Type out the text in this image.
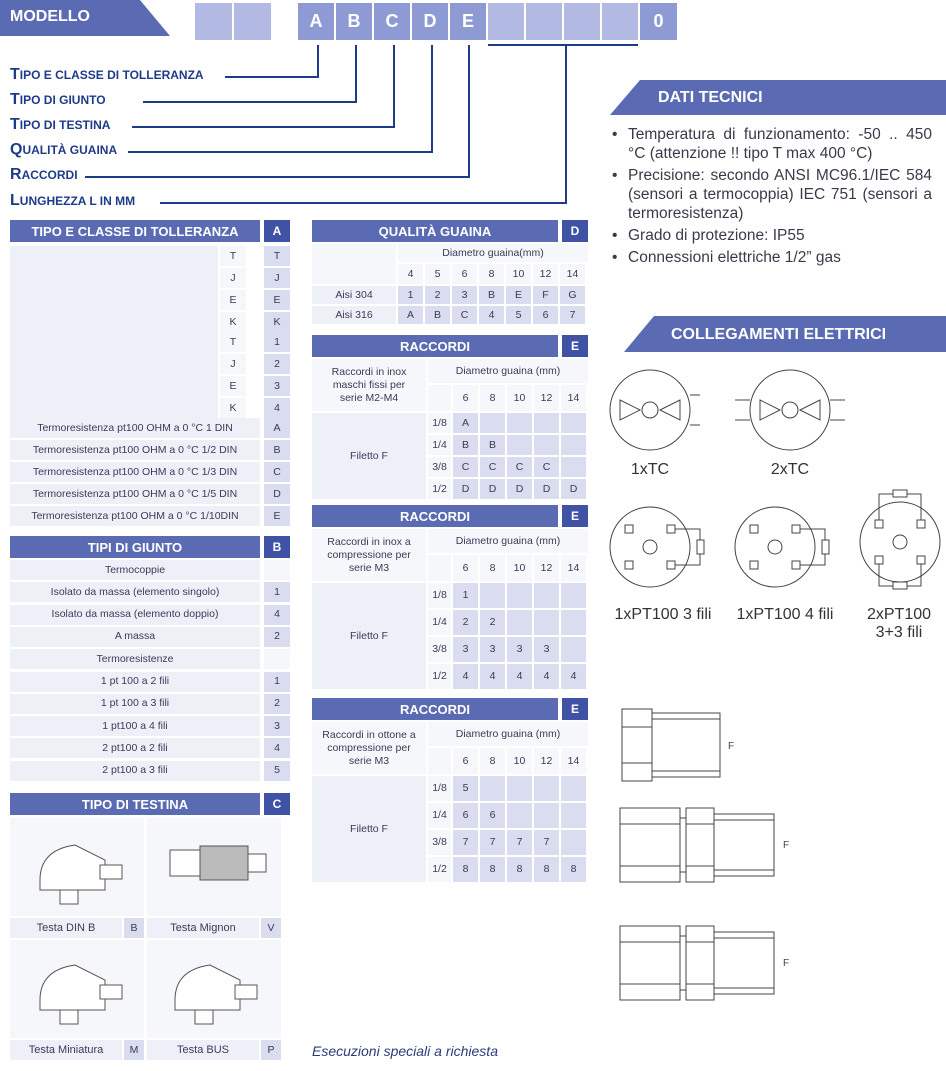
MODELLO	A	B	C	D	E	0
TIPO E CLASSE DI TOLLERANZA
TIPO DI GIUNTO
TIPO DI TESTINA
QUALITÀ GUAINA
RACCORDI
LUNGHEZZA L IN MM
TIPO E CLASSE DI TOLLERANZA	A
T	T
J	J
E	E
K	K
T	1
J	2
E	3
K	4
Termoresistenza pt100 OHM a 0 °C 1 DIN	A
Termoresistenza pt100 OHM a 0 °C 1/2 DIN	B
Termoresistenza pt100 OHM a 0 °C 1/3 DIN	C
Termoresistenza pt100 OHM a 0 °C 1/5 DIN	D
Termoresistenza pt100 OHM a 0 °C 1/10DIN	E
TIPI DI GIUNTO	B
Termocoppie
Isolato da massa (elemento singolo)	1
Isolato da massa (elemento doppio)	4
A massa	2
Termoresistenze
1 pt 100 a 2 fili	1
1 pt 100 a 3 fili	2
1 pt100 a 4 fili	3
2 pt100 a 2 fili	4
2 pt100 a 3 fili	5
TIPO DI TESTINA	C
Testa DIN B	B	Testa Mignon	V
Testa Miniatura	M	Testa BUS	P
QUALITÀ GUAINA	D
Diametro guaina(mm)
4	5	6	8	10	12	14
Aisi 304	1	2	3	B	E	F	G
Aisi 316	A	B	C	4	5	6	7
RACCORDI	E
Raccordi in inox maschi fissi per serie M2-M4
Diametro guaina (mm)
6	8	10	12	14
Filetto F
1/8	A
1/4	B	B
3/8	C	C	C	C
1/2	D	D	D	D	D
RACCORDI	E
Raccordi in inox a compressione per serie M3
Diametro guaina (mm)
6	8	10	12	14
Filetto F
1/8	1
1/4	2	2
3/8	3	3	3	3
1/2	4	4	4	4	4
RACCORDI	E
Raccordi in ottone a compressione per serie M3
Diametro guaina (mm)
6	8	10	12	14
Filetto F
1/8	5
1/4	6	6
3/8	7	7	7	7
1/2	8	8	8	8	8
Esecuzioni speciali a richiesta
DATI TECNICI
• Temperatura di funzionamento: -50 .. 450 °C (attenzione !! tipo T max 400 °C)
• Precisione: secondo ANSI MC96.1/IEC 584 (sensori a termocoppia) IEC 751 (sensori a termoresistenza)
• Grado di protezione: IP55
• Connessioni elettriche 1/2” gas
COLLEGAMENTI ELETTRICI
1xTC	2xTC
1xPT100 3 fili	1xPT100 4 fili	2xPT100 3+3 fili
F
F
F
